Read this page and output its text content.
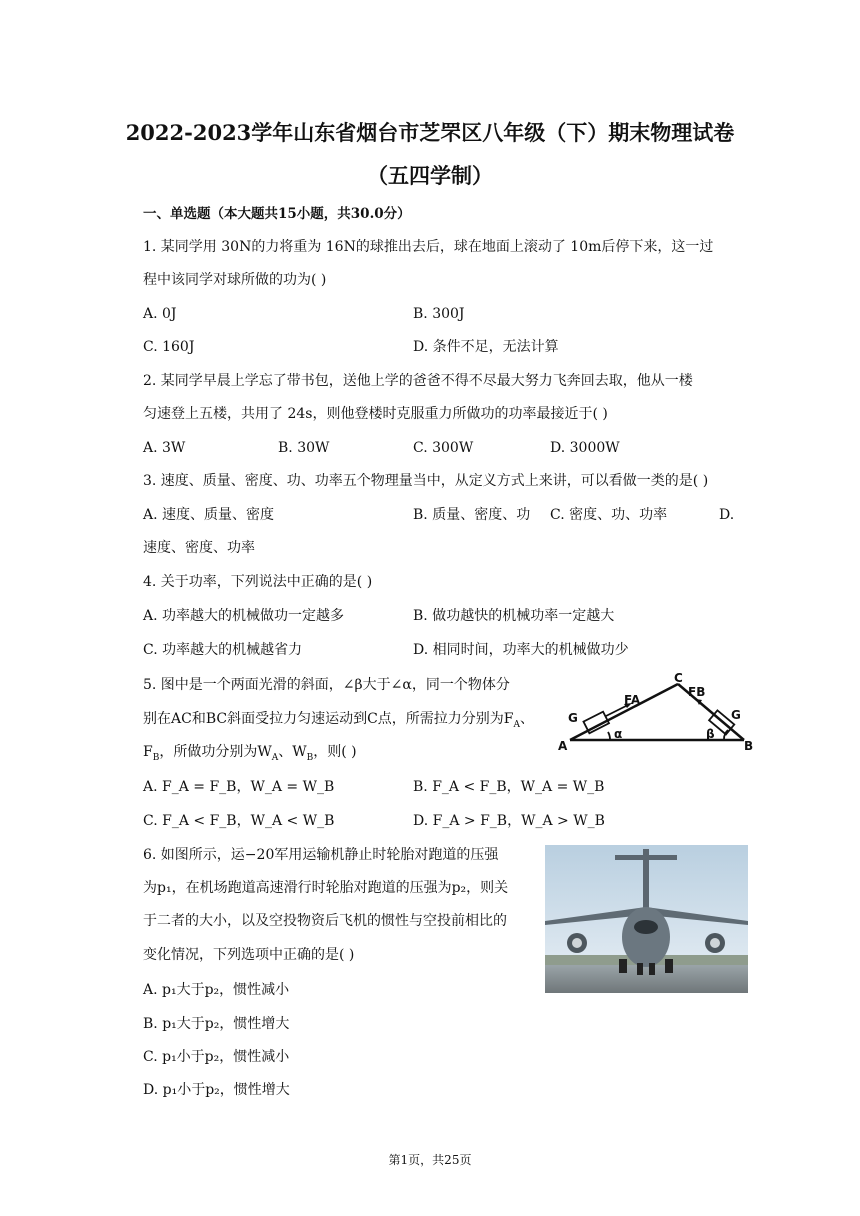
2022-2023学年山东省烟台市芝罘区八年级（下）期末物理试卷
（五四学制）
一、单选题（本大题共15小题，共30.0分）
1. 某同学用 30N的力将重为 16N的球推出去后，球在地面上滚动了 10m后停下来，这一过
程中该同学对球所做的功为( )
A. 0J	B. 300J
C. 160J	D. 条件不足，无法计算
2. 某同学早晨上学忘了带书包，送他上学的爸爸不得不尽最大努力飞奔回去取，他从一楼
匀速登上五楼，共用了 24s，则他登楼时克服重力所做功的功率最接近于( )
A. 3W	B. 30W	C. 300W	D. 3000W
3. 速度、质量、密度、功、功率五个物理量当中，从定义方式上来讲，可以看做一类的是( )
A. 速度、质量、密度	B. 质量、密度、功 C. 密度、功、功率	D.
速度、密度、功率
4. 关于功率，下列说法中正确的是( )
A. 功率越大的机械做功一定越多	B. 做功越快的机械功率一定越大
C. 功率越大的机械越省力	D. 相同时间，功率大的机械做功少
5. 图中是一个两面光滑的斜面，∠β大于∠α，同一个物体分
别在AC和BC斜面受拉力匀速运动到C点，所需拉力分别为$F_A$、
$F_B$，所做功分别为$W_A$、$W_B$，则( )
A. F_A = F_B，W_A = W_B	B. F_A < F_B，W_A = W_B
C. F_A < F_B，W_A < W_B	D. F_A > F_B，W_A > W_B
A	B
C
FA
FB
G	G
α	β
6. 如图所示，运−20军用运输机静止时轮胎对跑道的压强
为p₁，在机场跑道高速滑行时轮胎对跑道的压强为p₂，则关
于二者的大小，以及空投物资后飞机的惯性与空投前相比的
变化情况，下列选项中正确的是( )
A. p₁大于p₂，惯性减小
B. p₁大于p₂，惯性增大
C. p₁小于p₂，惯性减小
D. p₁小于p₂，惯性增大
第1页，共25页
